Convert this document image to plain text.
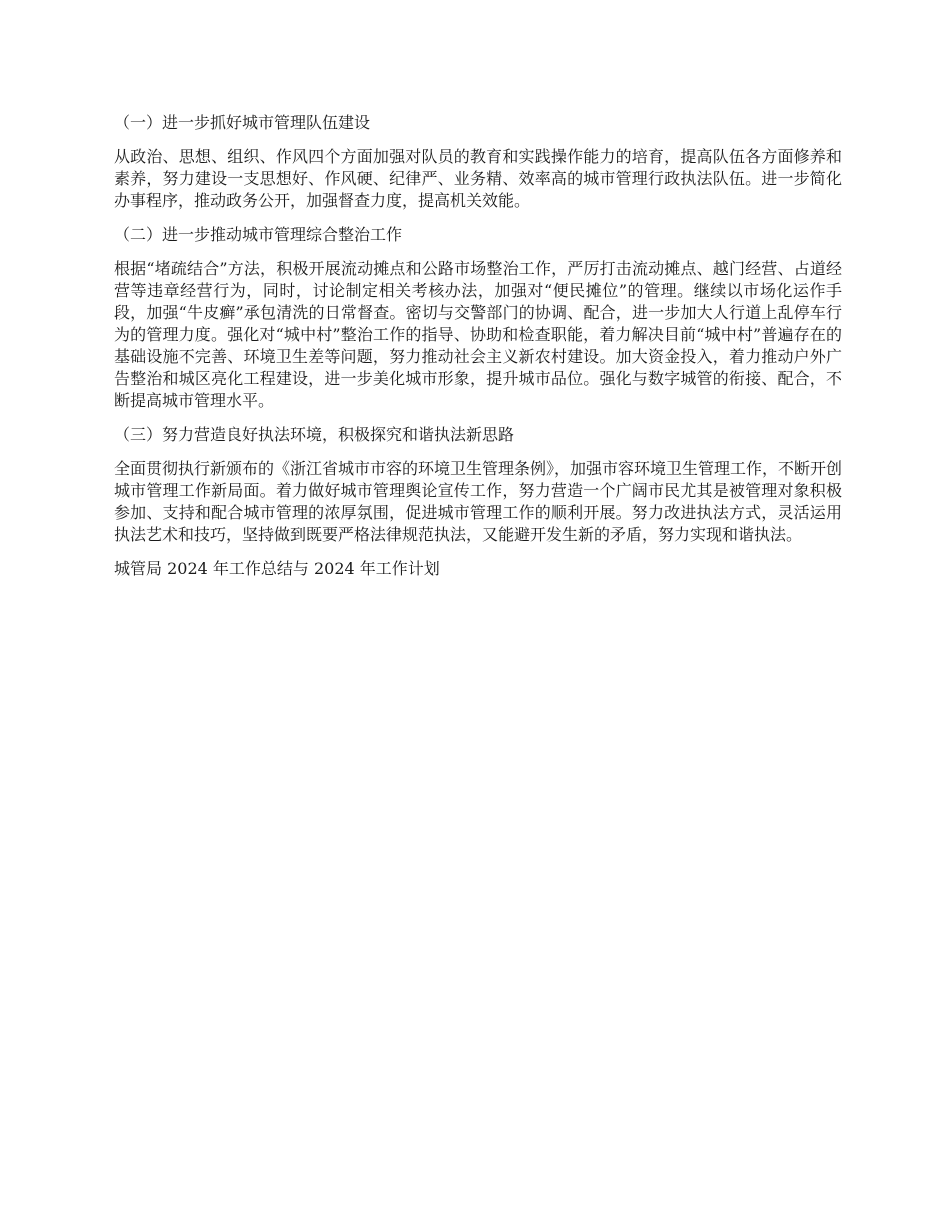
（一）进一步抓好城市管理队伍建设

从政治、思想、组织、作风四个方面加强对队员的教育和实践操作能力的培育，提高队伍各方面修养和素养，努力建设一支思想好、作风硬、纪律严、业务精、效率高的城市管理行政执法队伍。进一步简化办事程序，推动政务公开，加强督查力度，提高机关效能。

（二）进一步推动城市管理综合整治工作

根据“堵疏结合”方法，积极开展流动摊点和公路市场整治工作，严厉打击流动摊点、越门经营、占道经营等违章经营行为，同时，讨论制定相关考核办法，加强对“便民摊位”的管理。继续以市场化运作手段，加强“牛皮癣”承包清洗的日常督查。密切与交警部门的协调、配合，进一步加大人行道上乱停车行为的管理力度。强化对“城中村”整治工作的指导、协助和检查职能，着力解决目前“城中村”普遍存在的基础设施不完善、环境卫生差等问题，努力推动社会主义新农村建设。加大资金投入，着力推动户外广告整治和城区亮化工程建设，进一步美化城市形象，提升城市品位。强化与数字城管的衔接、配合，不断提高城市管理水平。

（三）努力营造良好执法环境，积极探究和谐执法新思路

全面贯彻执行新颁布的《浙江省城市市容的环境卫生管理条例》，加强市容环境卫生管理工作，不断开创城市管理工作新局面。着力做好城市管理舆论宣传工作，努力营造一个广阔市民尤其是被管理对象积极参加、支持和配合城市管理的浓厚氛围，促进城市管理工作的顺利开展。努力改进执法方式，灵活运用执法艺术和技巧，坚持做到既要严格法律规范执法，又能避开发生新的矛盾，努力实现和谐执法。

城管局 2024 年工作总结与 2024 年工作计划
